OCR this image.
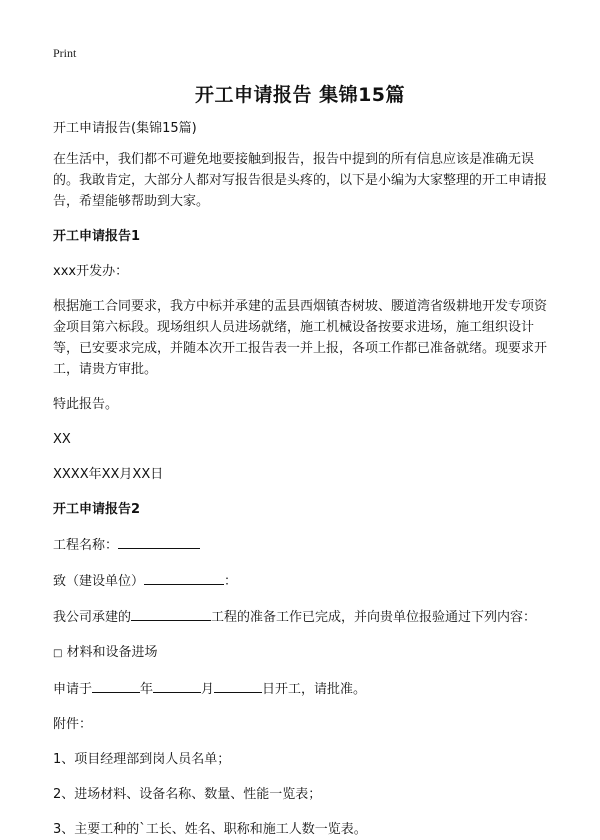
Print
开工申请报告 集锦15篇

开工申请报告(集锦15篇)

在生活中，我们都不可避免地要接触到报告，报告中提到的所有信息应该是准确无误的。我敢肯定，大部分人都对写报告很是头疼的，以下是小编为大家整理的开工申请报告，希望能够帮助到大家。

开工申请报告1

xxx开发办：

根据施工合同要求，我方中标并承建的盂县西烟镇杏树坡、腰道湾省级耕地开发专项资金项目第六标段。现场组织人员进场就绪，施工机械设备按要求进场，施工组织设计等，已安要求完成，并随本次开工报告表一并上报，各项工作都已准备就绪。现要求开工，请贵方审批。

特此报告。

XX

XXXX年XX月XX日

开工申请报告2

工程名称：

致（建设单位）	：

我公司承建的	工程的准备工作已完成，并向贵单位报验通过下列内容：

□ 材料和设备进场

申请于	年	月	日开工，请批准。

附件：

1、项目经理部到岗人员名单；

2、进场材料、设备名称、数量、性能一览表；

3、主要工种的`工长、姓名、职称和施工人数一览表。
